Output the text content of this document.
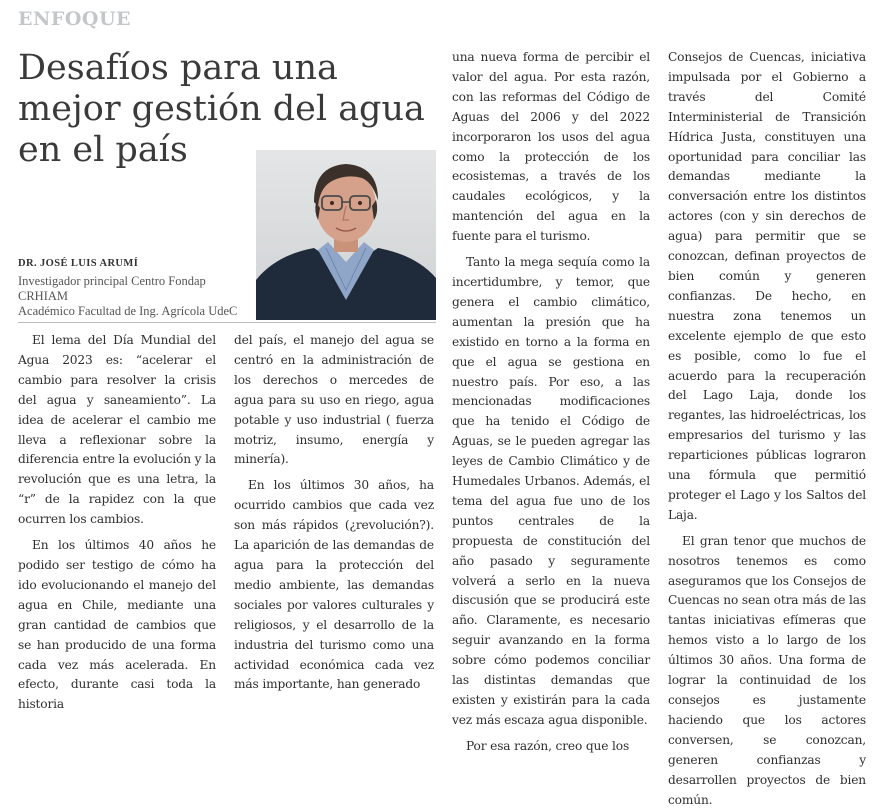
ENFOQUE
Desafíos para una mejor gestión del agua en el país
DR. JOSÉ LUIS ARUMÍ
Investigador principal Centro Fondap CRHIAM
Académico Facultad de Ing. Agrícola UdeC

El lema del Día Mundial del Agua 2023 es: “acelerar el cambio para resolver la crisis del agua y saneamiento”. La idea de acelerar el cambio me lleva a reflexionar sobre la diferencia entre la evolución y la revolución que es una letra, la “r” de la rapidez con la que ocurren los cambios.

En los últimos 40 años he podido ser testigo de cómo ha ido evolucionando el manejo del agua en Chile, mediante una gran cantidad de cambios que se han producido de una forma cada vez más acelerada. En efecto, durante casi toda la historia

del país, el manejo del agua se centró en la administración de los derechos o mercedes de agua para su uso en riego, agua potable y uso industrial ( fuerza motriz, insumo, energía y minería).

En los últimos 30 años, ha ocurrido cambios que cada vez son más rápidos (¿revolución?). La aparición de las demandas de agua para la protección del medio ambiente, las demandas sociales por valores culturales y religiosos, y el desarrollo de la industria del turismo como una actividad económica cada vez más importante, han generado

una nueva forma de percibir el valor del agua. Por esta razón, con las reformas del Código de Aguas del 2006 y del 2022 incorporaron los usos del agua como la protección de los ecosistemas, a través de los caudales ecológicos, y la mantención del agua en la fuente para el turismo.

Tanto la mega sequía como la incertidumbre, y temor, que genera el cambio climático, aumentan la presión que ha existido en torno a la forma en que el agua se gestiona en nuestro país. Por eso, a las mencionadas modificaciones que ha tenido el Código de Aguas, se le pueden agregar las leyes de Cambio Climático y de Humedales Urbanos. Además, el tema del agua fue uno de los puntos centrales de la propuesta de constitución del año pasado y seguramente volverá a serlo en la nueva discusión que se producirá este año. Claramente, es necesario seguir avanzando en la forma sobre cómo podemos conciliar las distintas demandas que existen y existirán para la cada vez más escaza agua disponible.

Por esa razón, creo que los

Consejos de Cuencas, iniciativa impulsada por el Gobierno a través del Comité Interministerial de Transición Hídrica Justa, constituyen una oportunidad para conciliar las demandas mediante la conversación entre los distintos actores (con y sin derechos de agua) para permitir que se conozcan, definan proyectos de bien común y generen confianzas. De hecho, en nuestra zona tenemos un excelente ejemplo de que esto es posible, como lo fue el acuerdo para la recuperación del Lago Laja, donde los regantes, las hidroeléctricas, los empresarios del turismo y las reparticiones públicas lograron una fórmula que permitió proteger el Lago y los Saltos del Laja.

El gran tenor que muchos de nosotros tenemos es como aseguramos que los Consejos de Cuencas no sean otra más de las tantas iniciativas efímeras que hemos visto a lo largo de los últimos 30 años. Una forma de lograr la continuidad de los consejos es justamente haciendo que los actores conversen, se conozcan, generen confianzas y desarrollen proyectos de bien común.
